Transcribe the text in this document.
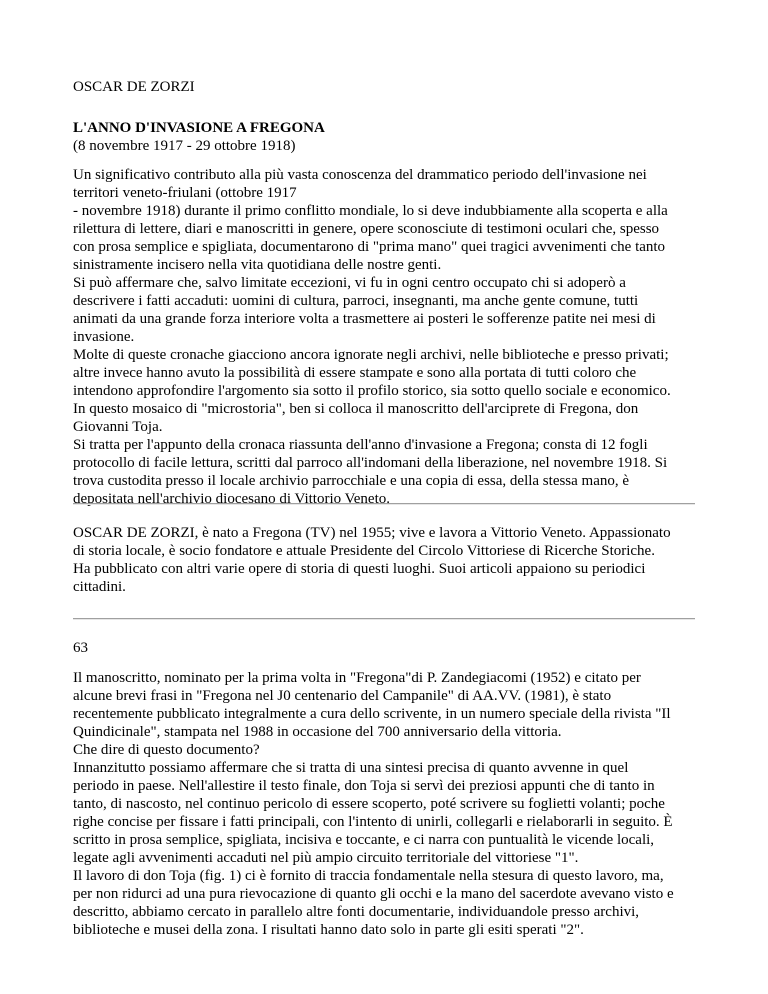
OSCAR DE ZORZI

L'ANNO D'INVASIONE A FREGONA

(8 novembre 1917 - 29 ottobre 1918)

Un significativo contributo alla più vasta conoscenza del drammatico periodo dell'invasione nei
territori veneto-friulani (ottobre 1917
- novembre 1918) durante il primo conflitto mondiale, lo si deve indubbiamente alla scoperta e alla
rilettura di lettere, diari e manoscritti in genere, opere sconosciute di testimoni oculari che, spesso
con prosa semplice e spigliata, documentarono di "prima mano" quei tragici avvenimenti che tanto
sinistramente incisero nella vita quotidiana delle nostre genti.
Si può affermare che, salvo limitate eccezioni, vi fu in ogni centro occupato chi si adoperò a
descrivere i fatti accaduti: uomini di cultura, parroci, insegnanti, ma anche gente comune, tutti
animati da una grande forza interiore volta a trasmettere ai posteri le sofferenze patite nei mesi di
invasione.
Molte di queste cronache giacciono ancora ignorate negli archivi, nelle biblioteche e presso privati;
altre invece hanno avuto la possibilità di essere stampate e sono alla portata di tutti coloro che
intendono approfondire l'argomento sia sotto il profilo storico, sia sotto quello sociale e economico.
In questo mosaico di "microstoria", ben si colloca il manoscritto dell'arciprete di Fregona, don
Giovanni Toja.
Si tratta per l'appunto della cronaca riassunta dell'anno d'invasione a Fregona; consta di 12 fogli
protocollo di facile lettura, scritti dal parroco all'indomani della liberazione, nel novembre 1918. Si
trova custodita presso il locale archivio parrocchiale e una copia di essa, della stessa mano, è
depositata nell'archivio diocesano di Vittorio Veneto.
OSCAR DE ZORZI, è nato a Fregona (TV) nel 1955; vive e lavora a Vittorio Veneto. Appassionato
di storia locale, è socio fondatore e attuale Presidente del Circolo Vittoriese di Ricerche Storiche.
Ha pubblicato con altri varie opere di storia di questi luoghi. Suoi articoli appaiono su periodici
cittadini.

63

Il manoscritto, nominato per la prima volta in "Fregona"di P. Zandegiacomi (1952) e citato per
alcune brevi frasi in "Fregona nel J0 centenario del Campanile" di AA.VV. (1981), è stato
recentemente pubblicato integralmente a cura dello scrivente, in un numero speciale della rivista "Il
Quindicinale", stampata nel 1988 in occasione del 700 anniversario della vittoria.
Che dire di questo documento?
Innanzitutto possiamo affermare che si tratta di una sintesi precisa di quanto avvenne in quel
periodo in paese. Nell'allestire il testo finale, don Toja si servì dei preziosi appunti che di tanto in
tanto, di nascosto, nel continuo pericolo di essere scoperto, poté scrivere su foglietti volanti; poche
righe concise per fissare i fatti principali, con l'intento di unirli, collegarli e rielaborarli in seguito. È
scritto in prosa semplice, spigliata, incisiva e toccante, e ci narra con puntualità le vicende locali,
legate agli avvenimenti accaduti nel più ampio circuito territoriale del vittoriese "1".
Il lavoro di don Toja (fig. 1) ci è fornito di traccia fondamentale nella stesura di questo lavoro, ma,
per non ridurci ad una pura rievocazione di quanto gli occhi e la mano del sacerdote avevano visto e
descritto, abbiamo cercato in parallelo altre fonti documentarie, individuandole presso archivi,
biblioteche e musei della zona. I risultati hanno dato solo in parte gli esiti sperati "2".
